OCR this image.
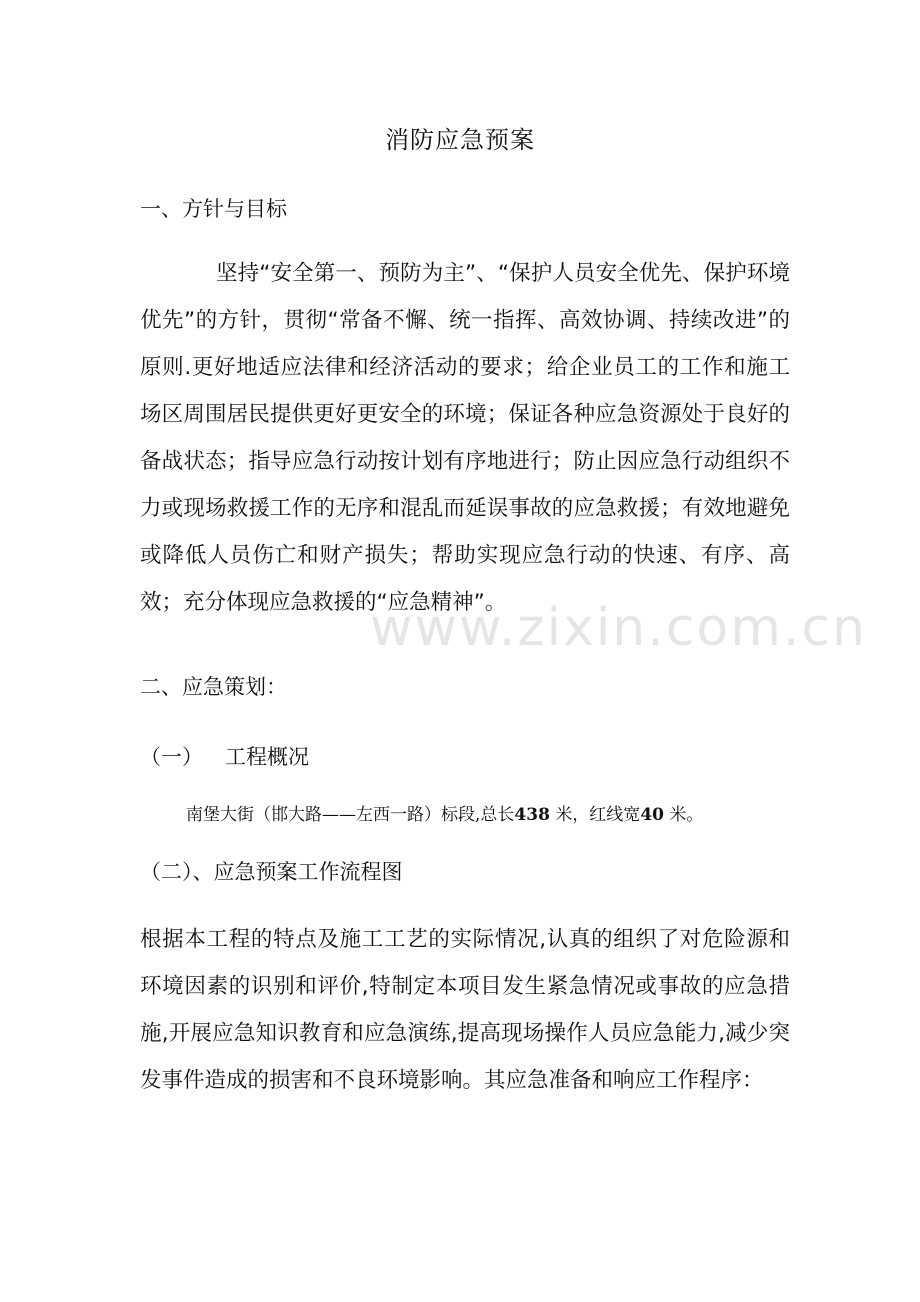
消防应急预案
一、方针与目标

坚持“安全第一、预防为主”、“保护人员安全优先、保护环境优先”的方针，贯彻“常备不懈、统一指挥、高效协调、持续改进”的原则.更好地适应法律和经济活动的要求；给企业员工的工作和施工场区周围居民提供更好更安全的环境；保证各种应急资源处于良好的备战状态；指导应急行动按计划有序地进行；防止因应急行动组织不力或现场救援工作的无序和混乱而延误事故的应急救援；有效地避免或降低人员伤亡和财产损失；帮助实现应急行动的快速、有序、高效；充分体现应急救援的“应急精神”。

www.zixin.com.cn
二、应急策划：
（一） 工程概况

南堡大街（邯大路——左西一路）标段,总长438 米，红线宽40 米。

（二）、应急预案工作流程图

根据本工程的特点及施工工艺的实际情况,认真的组织了对危险源和环境因素的识别和评价,特制定本项目发生紧急情况或事故的应急措施,开展应急知识教育和应急演练,提高现场操作人员应急能力,减少突发事件造成的损害和不良环境影响。其应急准备和响应工作程序：
